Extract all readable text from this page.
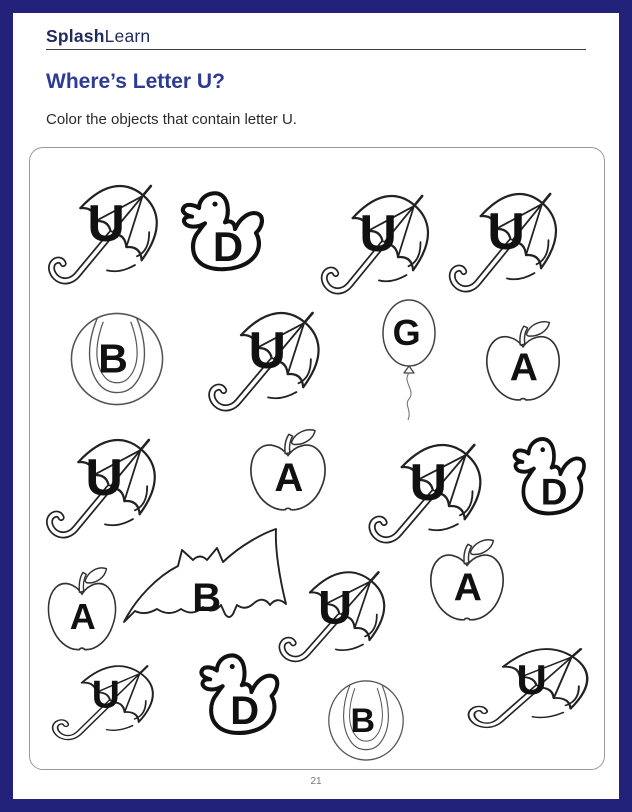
SplashLearn
Where’s Letter U?
Color the objects that contain letter U.
U D U U
B U	G
A
U	A U	D
A B U	A
U	D	B
U
21
